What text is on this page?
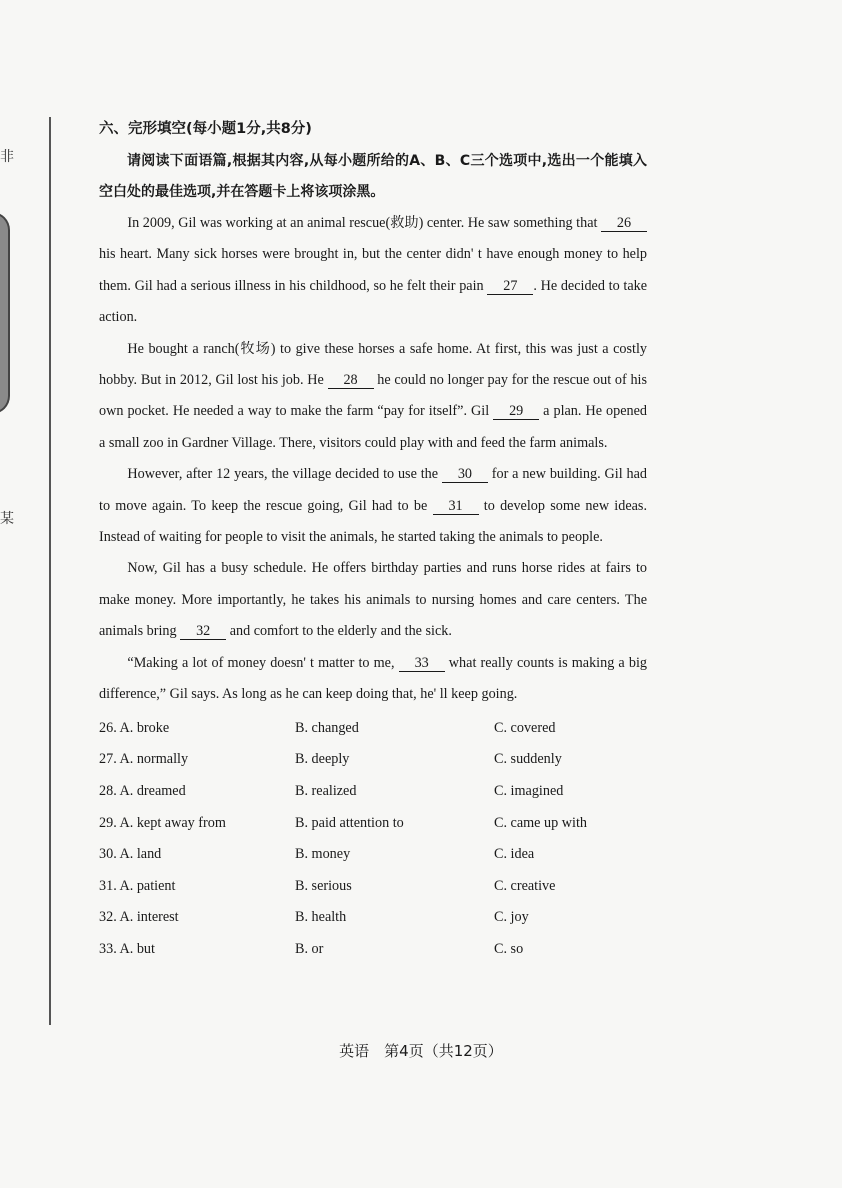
非
某
六、完形填空(每小题1分,共8分)

请阅读下面语篇,根据其内容,从每小题所给的A、B、C三个选项中,选出一个能填入空白处的最佳选项,并在答题卡上将该项涂黑。

In 2009, Gil was working at an animal rescue(救助) center. He saw something that 26 his heart. Many sick horses were brought in, but the center didn' t have enough money to help them. Gil had a serious illness in his childhood, so he felt their pain 27 . He decided to take action.

He bought a ranch(牧场) to give these horses a safe home. At first, this was just a costly hobby. But in 2012, Gil lost his job. He 28 he could no longer pay for the rescue out of his own pocket. He needed a way to make the farm “pay for itself”. Gil 29 a plan. He opened a small zoo in Gardner Village. There, visitors could play with and feed the farm animals.

However, after 12 years, the village decided to use the 30 for a new building. Gil had to move again. To keep the rescue going, Gil had to be 31 to develop some new ideas. Instead of waiting for people to visit the animals, he started taking the animals to people.

Now, Gil has a busy schedule. He offers birthday parties and runs horse rides at fairs to make money. More importantly, he takes his animals to nursing homes and care centers. The animals bring 32 and comfort to the elderly and the sick.

“Making a lot of money doesn' t matter to me, 33 what really counts is making a big difference,” Gil says. As long as he can keep doing that, he' ll keep going.

26. A. broke	B. changed	C. covered
27. A. normally	B. deeply	C. suddenly
28. A. dreamed	B. realized	C. imagined
29. A. kept away from	B. paid attention to	C. came up with
30. A. land	B. money	C. idea
31. A. patient	B. serious	C. creative
32. A. interest	B. health	C. joy
33. A. but	B. or	C. so
英语　第4页（共12页）
